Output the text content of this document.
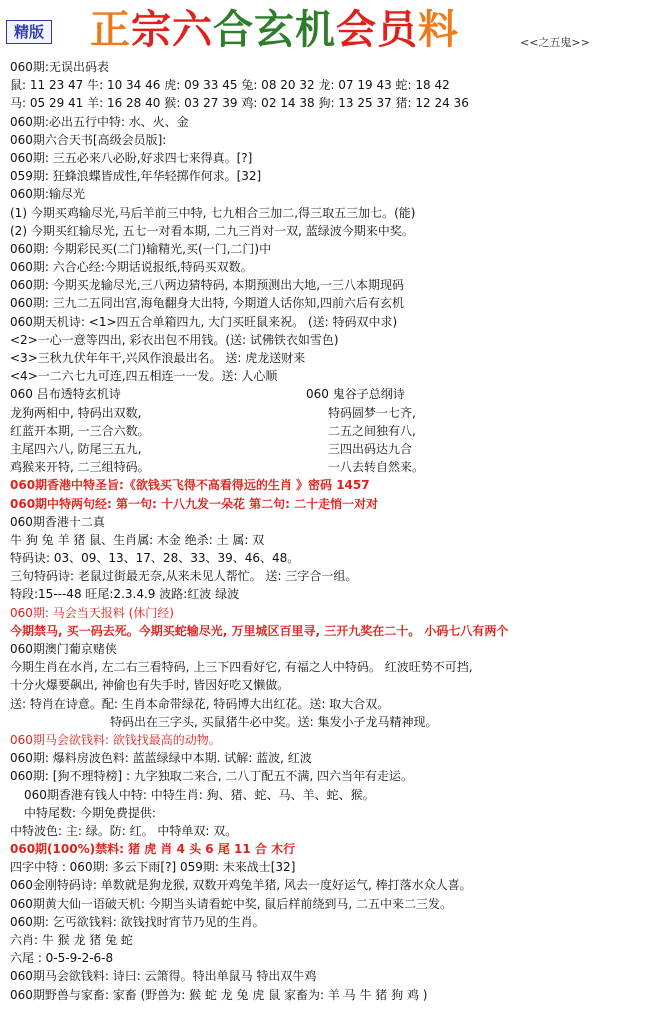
精版 正宗六合玄机会员料	<<之五鬼>>
060期:无误出码表
鼠: 11 23 47 牛: 10 34 46 虎: 09 33 45 兔: 08 20 32 龙: 07 19 43 蛇: 18 42
马: 05 29 41 羊: 16 28 40 猴: 03 27 39 鸡: 02 14 38 狗: 13 25 37 猪: 12 24 36
060期:必出五行中特: 水、火、金
060期六合天书[高级会员版]:
060期: 三五必来八必盼,好求四七来得真。[?]
059期: 狂蜂浪蝶皆成性,年华轻掷作何求。[32]
060期:输尽光
(1) 今期买鸡输尽光,马后羊前三中特, 七九相合三加二,得三取五三加七。(能)
(2) 今期买红输尽光, 五七一对看本期, 二九三肖对一双, 蓝绿波今期来中奖。
060期: 今期彩民买(二门)输精光,买(一门,二门)中
060期: 六合心经:今期话说报纸,特码买双数。
060期: 今期买龙输尽光,三八两边猜特码, 本期预测出大地,一三八本期现码
060期: 三九二五同出宫,海龟翻身大出特, 今期道人话你知,四前六后有玄机
060期天机诗: <1>四五合单箱四九, 大门买旺鼠来祝。 (送: 特码双中求)
<2>一心一意等四出, 彩衣出包不用钱。(送: 试佛铁衣如雪色)
<3>三秋九伏年年干,兴风作浪最出名。 送: 虎龙送财来
<4>一二六七九可连,四五相连一一发。送: 人心顺
060 吕布透特玄机诗	060 鬼谷子总纲诗
龙狗两相中, 特码出双数,	特码圆梦一七齐,
红蓝开本期, 一三合六数。	二五之间独有八,
主尾四六八, 防尾三五九,	三四出码达九合
鸡猴来开特, 二三组特码。	一八去转自然来。
060期香港中特圣旨:《欲钱买飞得不高看得远的生肖 》密码 1457
060期中特两句经: 第一句: 十八九发一朵花 第二句: 二十走悄一对对
060期香港十二真
牛 狗 兔 羊 猪 鼠、生肖属: 木金 绝杀: 土 属: 双
特码诀: 03、09、13、17、28、33、39、46、48。
三句特码诗: 老鼠过街最无奈,从来未见人帮忙。 送: 三字合一组。
特段:15---48 旺尾:2.3.4.9 波路:红波 绿波
060期: 马会当天报料 (休门经)
今期禁马, 买一码去死。今期买蛇输尽光, 万里城区百里寻, 三开九奖在二十。 小码七八有两个
060期澳门葡京赌侠
今期生肖在水肖, 左二右三看特码, 上三下四看好它, 有福之人中特码。 红波旺势不可挡,
十分火爆要飙出, 神偷也有失手时, 皆因好吃又懒做。
送: 特肖在诗意。配: 生肖本命带绿花, 特码博大出红花。送: 取大合双。
特码出在三字头, 买鼠猪牛必中奖。送: 集发小子龙马精神现。
060期马会欲钱料: 欲钱找最高的动物。
060期: 爆料房波色料: 蓝蓝绿绿中本期. 试解: 蓝波, 红波
060期: [狗不理特榜] : 九字独取二来合, 二八丁配五不满, 四六当年有走运。
060期香港有钱人中特: 中特生肖: 狗、猪、蛇、马、羊、蛇、猴。
中特尾数: 今期免费提供:
中特波色: 主: 绿。防: 红。 中特单双: 双。
060期(100%)禁料: 猪 虎 肖 4 头 6 尾 11 合 木行
四字中特 : 060期: 多云下雨[?] 059期: 未来战士[32]
060金刚特码诗: 单数就是狗龙猴, 双数开鸡兔羊猪, 风去一度好运气, 棒打落水众人喜。
060期黄大仙一语破天机: 今期当头请看蛇中奖, 鼠后样前绕到马, 二五中来二三发。
060期: 乞丐欲钱料: 欲钱找时宵节乃见的生肖。
六肖: 牛 猴 龙 猪 兔 蛇
六尾 : 0-5-9-2-6-8
060期马会欲钱料: 诗曰: 云箫得。特出单鼠马 特出双牛鸡
060期野兽与家畜: 家畜 (野兽为: 猴 蛇 龙 兔 虎 鼠 家畜为: 羊 马 牛 猪 狗 鸡 )
